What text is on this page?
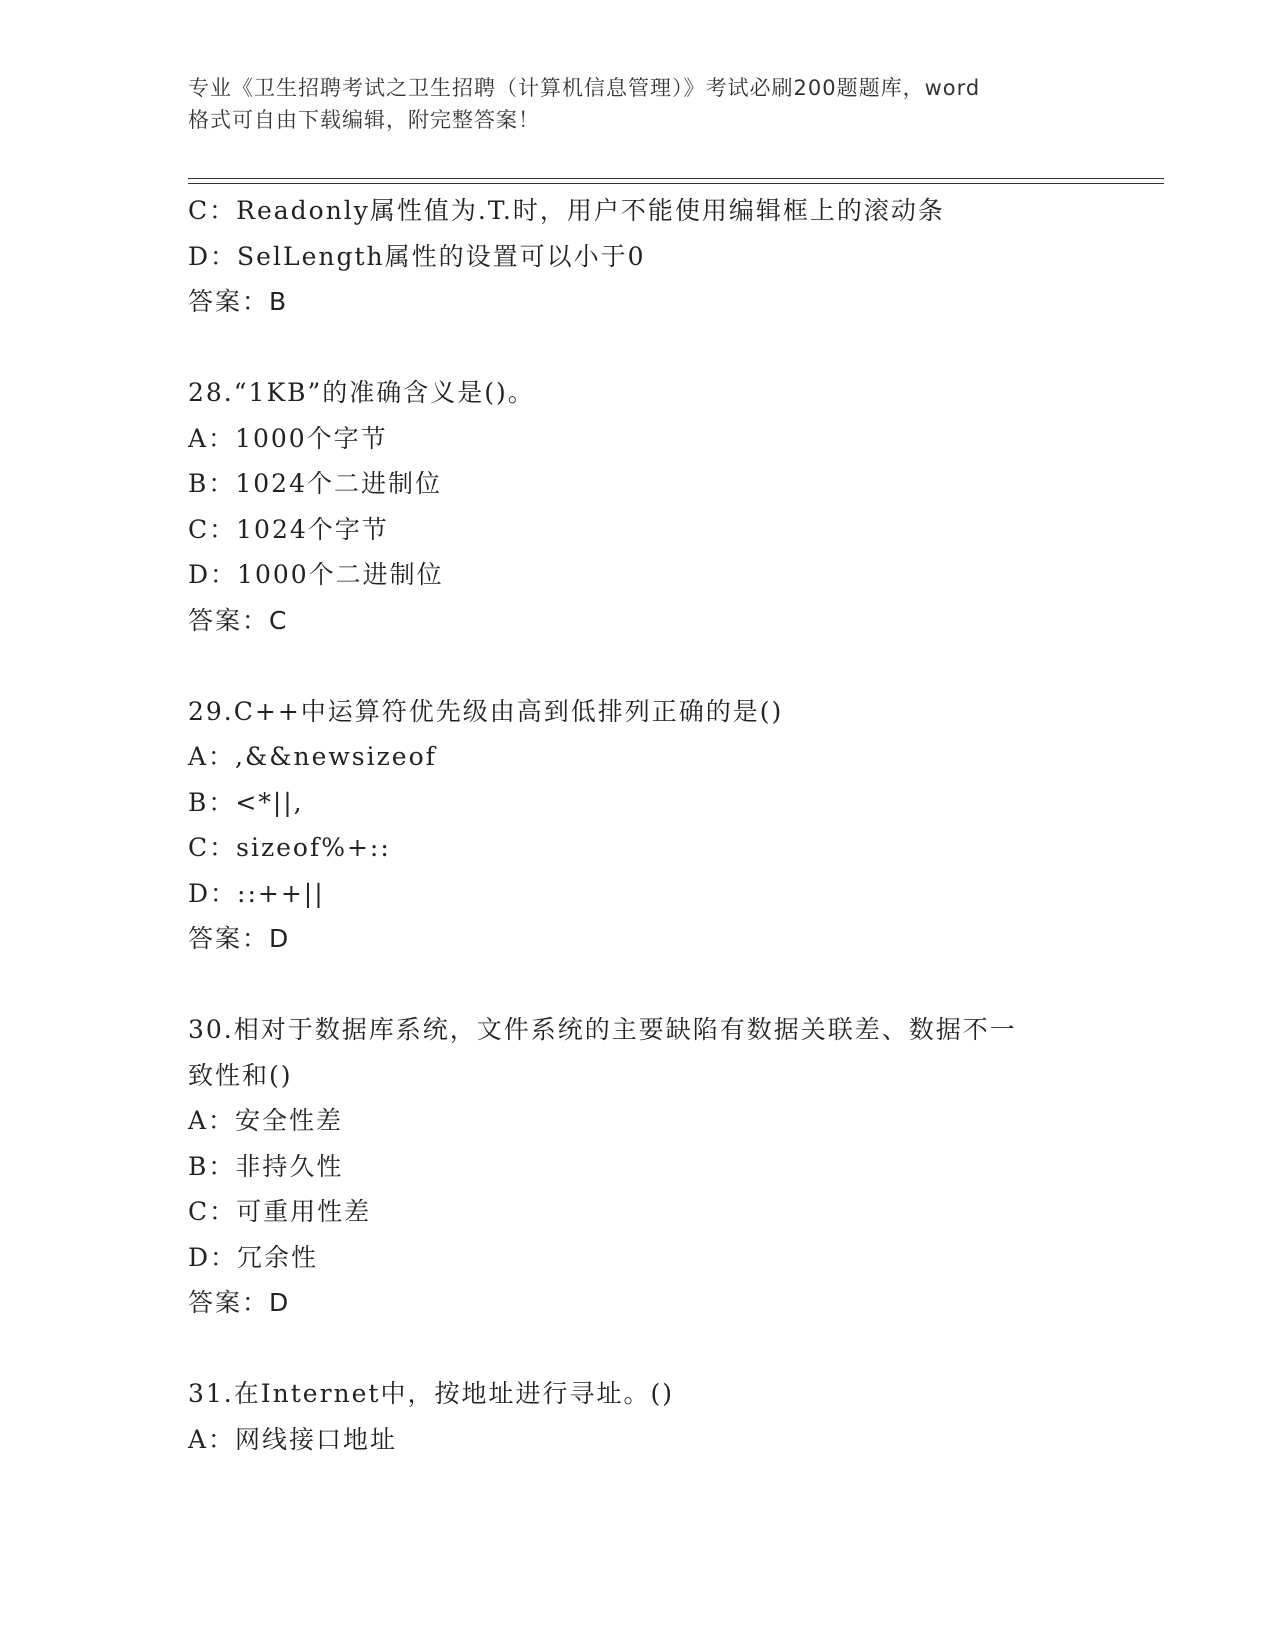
专业《卫生招聘考试之卫生招聘（计算机信息管理）》考试必刷200题题库，word
格式可自由下载编辑，附完整答案！
C：Readonly属性值为.T.时，用户不能使用编辑框上的滚动条
D：SelLength属性的设置可以小于0
答案：B
28.“1KB”的准确含义是()。
A：1000个字节
B：1024个二进制位
C：1024个字节
D：1000个二进制位
答案：C
29.C++中运算符优先级由高到低排列正确的是()
A：,&&newsizeof
B：<*||,
C：sizeof%+::
D：::++||
答案：D
30.相对于数据库系统，文件系统的主要缺陷有数据关联差、数据不一
致性和()
A：安全性差
B：非持久性
C：可重用性差
D：冗余性
答案：D
31.在Internet中，按地址进行寻址。()
A：网线接口地址
